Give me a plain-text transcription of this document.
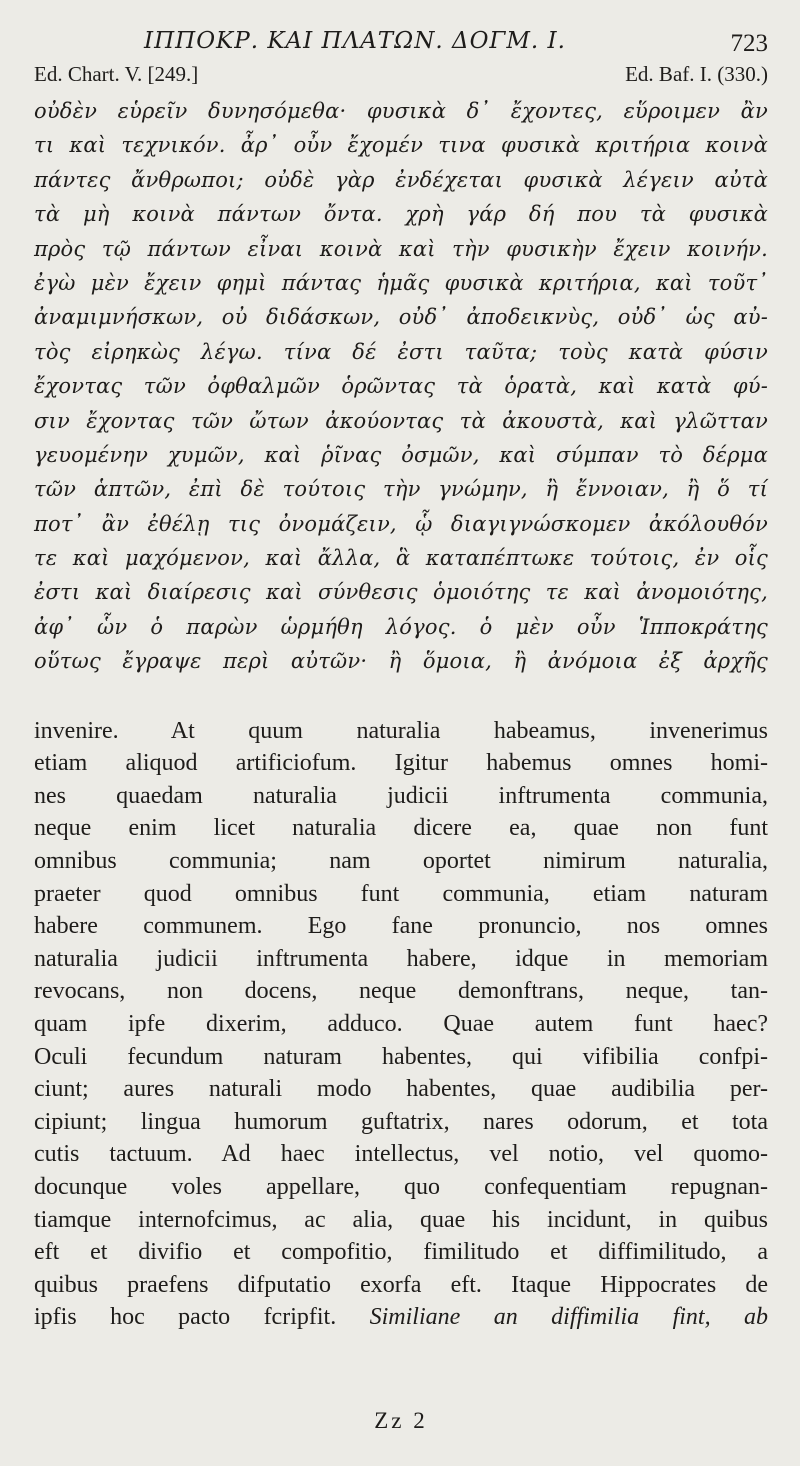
ΙΠΠΟΚΡ. ΚΑΙ ΠΛΑΤΩΝ. ΔΟΓΜ. Ι.	723
Ed. Chart. V. [249.]	Ed. Baf. I. (330.)
οὐδὲν εὑρεῖν δυνησόμεθα· φυσικὰ δ᾽ ἔχοντες, εὕροιμεν ἂν
τι καὶ τεχνικόν. ἆρ᾽ οὖν ἔχομέν τινα φυσικὰ κριτήρια κοινὰ
πάντες ἄνθρωποι; οὐδὲ γὰρ ἐνδέχεται φυσικὰ λέγειν αὐτὰ
τὰ μὴ κοινὰ πάντων ὄντα. χρὴ γάρ δή που τὰ φυσικὰ
πρὸς τῷ πάντων εἶναι κοινὰ καὶ τὴν φυσικὴν ἔχειν κοινήν.
ἐγὼ μὲν ἔχειν φημὶ πάντας ἡμᾶς φυσικὰ κριτήρια, καὶ τοῦτ᾽
ἀναμιμνήσκων, οὐ διδάσκων, οὐδ᾽ ἀποδεικνὺς, οὐδ᾽ ὡς αὐ-
τὸς εἰρηκὼς λέγω. τίνα δέ ἐστι ταῦτα; τοὺς κατὰ φύσιν
ἔχοντας τῶν ὀφθαλμῶν ὁρῶντας τὰ ὁρατὰ, καὶ κατὰ φύ-
σιν ἔχοντας τῶν ὤτων ἀκούοντας τὰ ἀκουστὰ, καὶ γλῶτταν
γευομένην χυμῶν, καὶ ῥῖνας ὀσμῶν, καὶ σύμπαν τὸ δέρμα
τῶν ἁπτῶν, ἐπὶ δὲ τούτοις τὴν γνώμην, ἢ ἔννοιαν, ἢ ὅ τί
ποτ᾽ ἂν ἐθέλῃ τις ὀνομάζειν, ᾧ διαγιγνώσκομεν ἀκόλουθόν
τε καὶ μαχόμενον, καὶ ἄλλα, ἃ καταπέπτωκε τούτοις, ἐν οἷς
ἐστι καὶ διαίρεσις καὶ σύνθεσις ὁμοιότης τε καὶ ἀνομοιότης,
ἀφ᾽ ὧν ὁ παρὼν ὡρμήθη λόγος. ὁ μὲν οὖν Ἱπποκράτης
οὕτως ἔγραψε περὶ αὐτῶν· ἢ ὅμοια, ἢ ἀνόμοια ἐξ ἀρχῆς
invenire. At quum naturalia habeamus, invenerimus
etiam aliquod artificiofum. Igitur habemus omnes homi-
nes quaedam naturalia judicii inftrumenta communia,
neque enim licet naturalia dicere ea, quae non funt
omnibus communia; nam oportet nimirum naturalia,
praeter quod omnibus funt communia, etiam naturam
habere communem. Ego fane pronuncio, nos omnes
naturalia judicii inftrumenta habere, idque in memoriam
revocans, non docens, neque demonftrans, neque, tan-
quam ipfe dixerim, adduco. Quae autem funt haec?
Oculi fecundum naturam habentes, qui vifibilia confpi-
ciunt; aures naturali modo habentes, quae audibilia per-
cipiunt; lingua humorum guftatrix, nares odorum, et tota
cutis tactuum. Ad haec intellectus, vel notio, vel quomo-
docunque voles appellare, quo confequentiam repugnan-
tiamque internofcimus, ac alia, quae his incidunt, in quibus
eft et divifio et compofitio, fimilitudo et diffimilitudo, a
quibus praefens difputatio exorfa eft. Itaque Hippocrates de
ipfis hoc pacto fcripfit. Similiane an diffimilia fint, ab
Zz 2
